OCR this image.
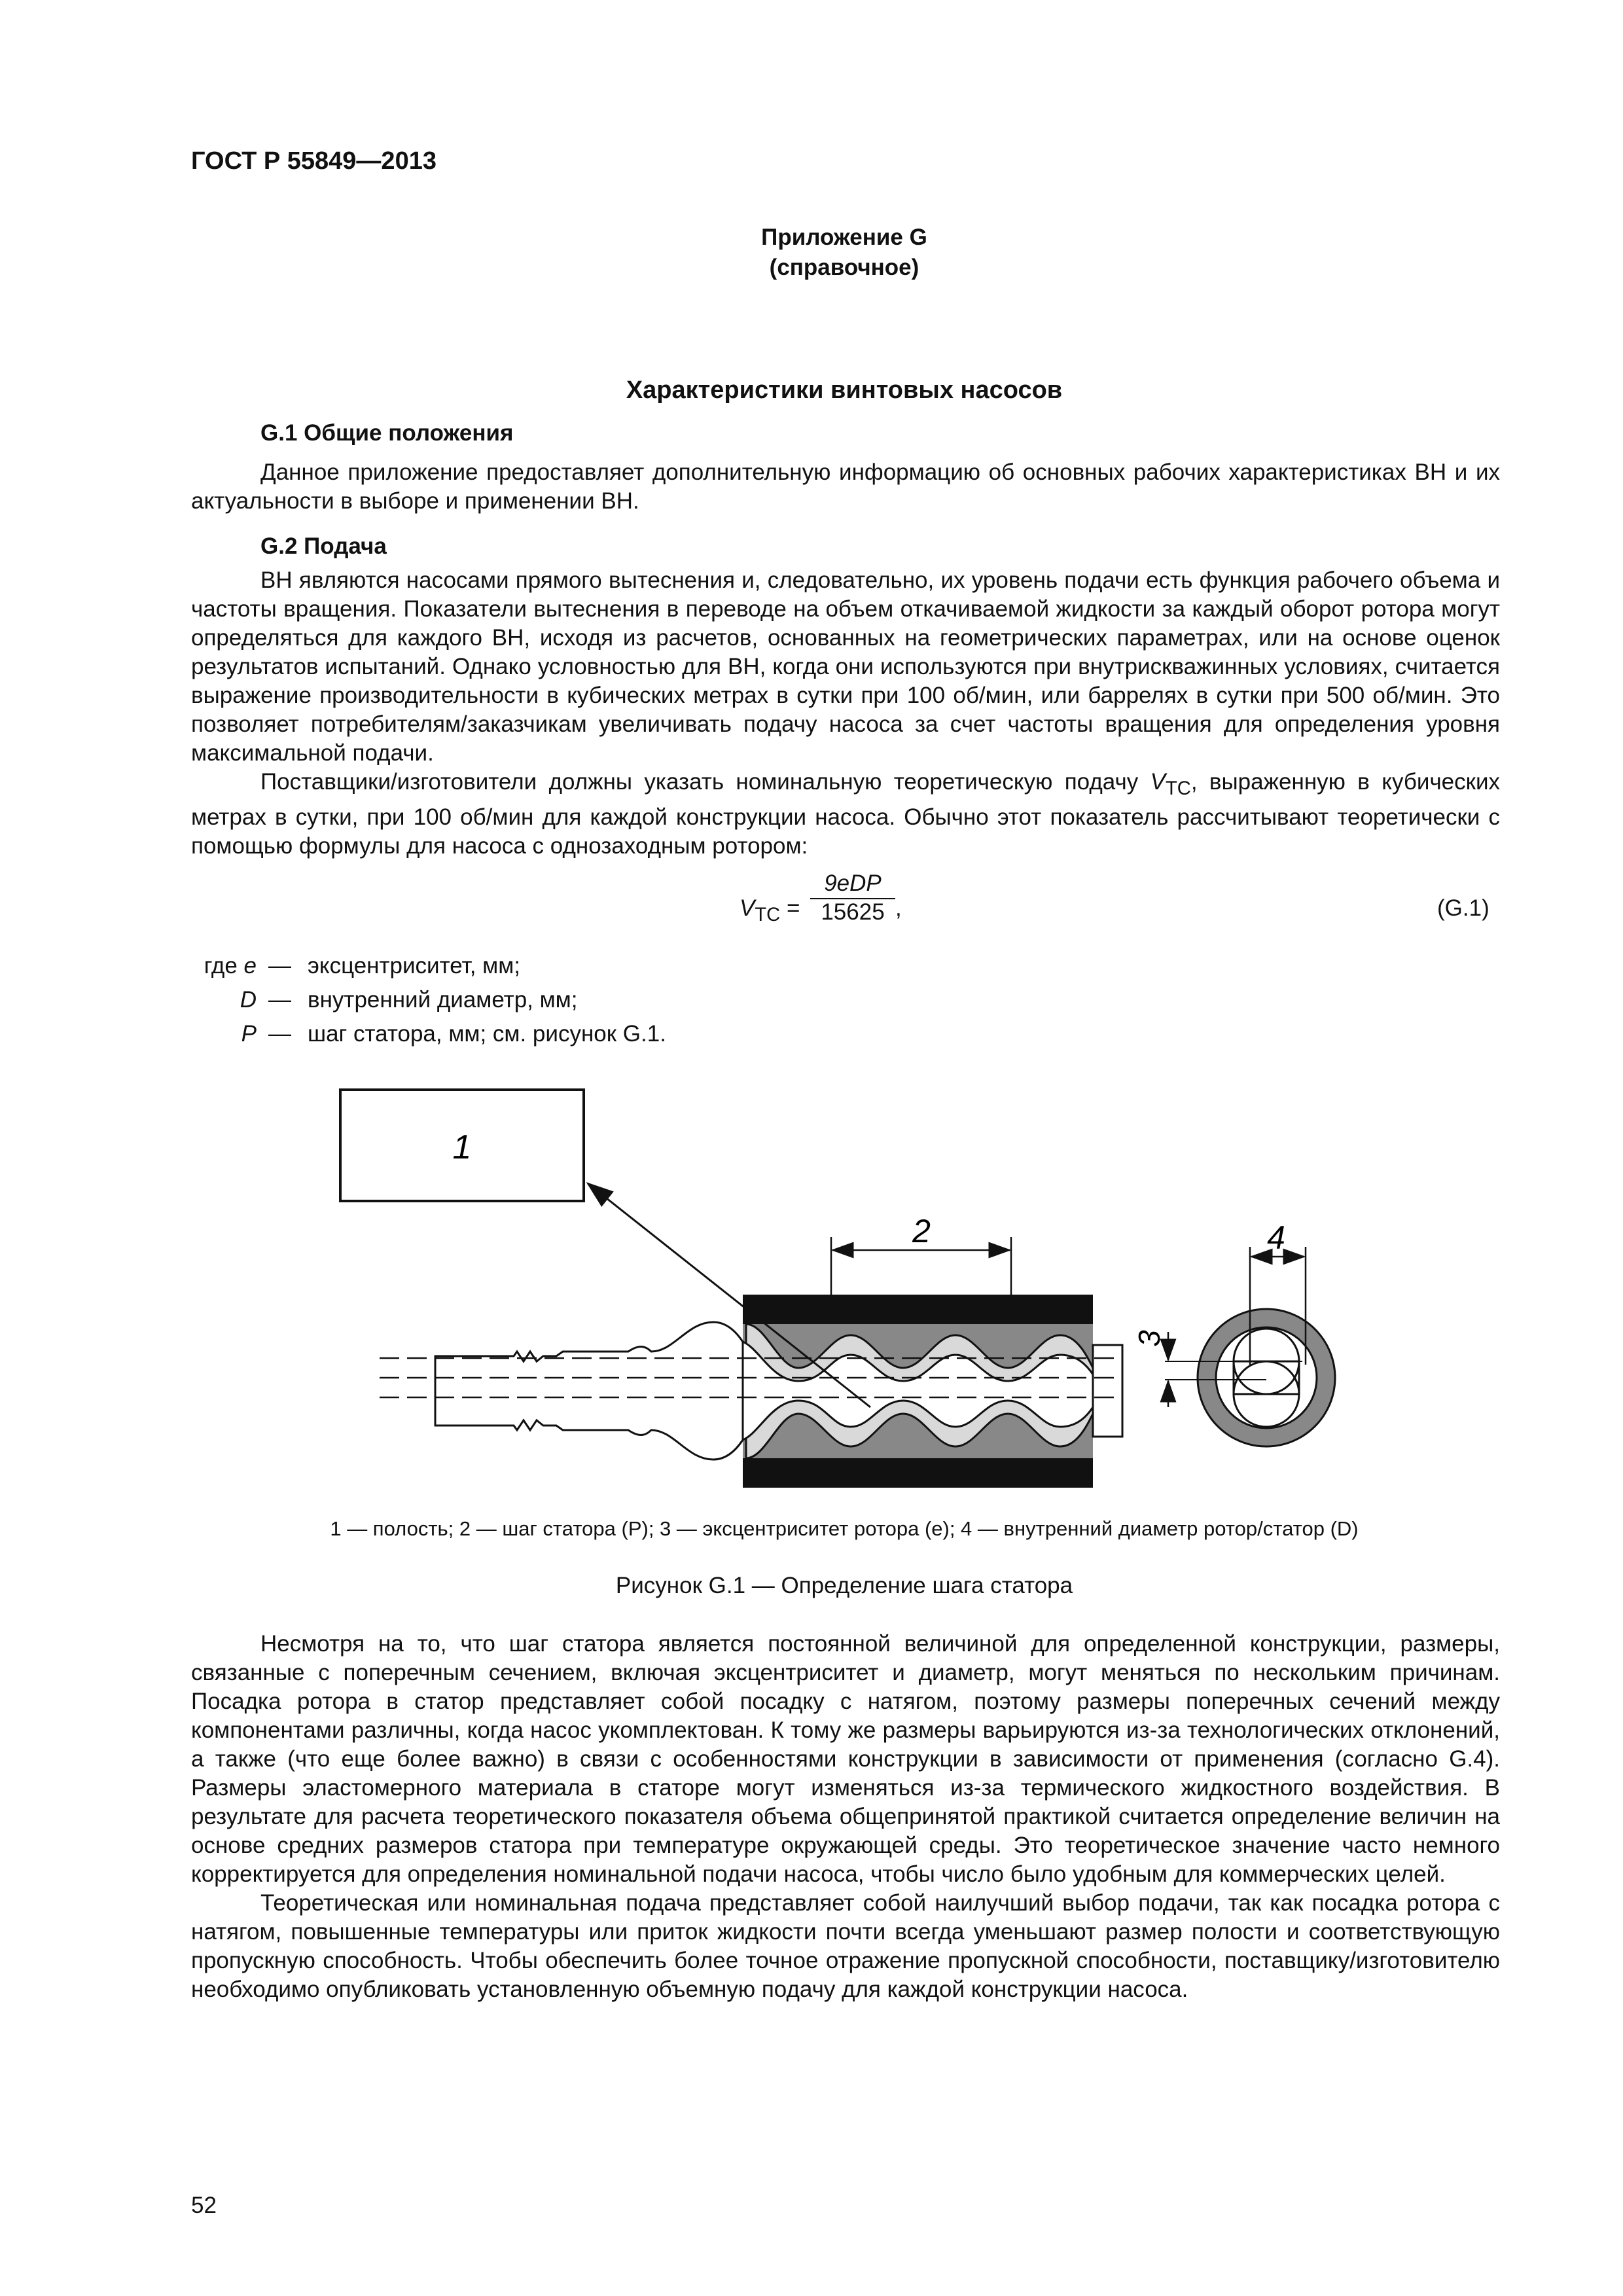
ГОСТ Р 55849—2013
Приложение G
(справочное)
Характеристики винтовых насосов
G.1 Общие положения

Данное приложение предоставляет дополнительную информацию об основных рабочих характеристиках ВН и их актуальности в выборе и применении ВН.

G.2 Подача

ВН являются насосами прямого вытеснения и, следовательно, их уровень подачи есть функция рабочего объема и частоты вращения. Показатели вытеснения в переводе на объем откачиваемой жидкости за каждый оборот ротора могут определяться для каждого ВН, исходя из расчетов, основанных на геометрических параметрах, или на основе оценок результатов испытаний. Однако условностью для ВН, когда они используются при внутрискважинных условиях, считается выражение производительности в кубических метрах в сутки при 100 об/мин, или баррелях в сутки при 500 об/мин. Это позволяет потребителям/заказчикам увеличивать подачу насоса за счет частоты вращения для определения уровня максимальной подачи.

Поставщики/изготовители должны указать номинальную теоретическую подачу $V_{TC}$, выраженную в кубических метрах в сутки, при 100 об/мин для каждой конструкции насоса. Обычно этот показатель рассчитывают теоретически с помощью формулы для насоса с однозаходным ротором:

$V_{TC}$ =
9eDP
15625 ,	(G.1)
где e — эксцентриситет, мм;
D — внутренний диаметр, мм;
P — шаг статора, мм; см. рисунок G.1.
1
2	4
3
1 — полость; 2 — шаг статора (P); 3 — эксцентриситет ротора (e); 4 — внутренний диаметр ротор/статор (D)
Рисунок G.1 — Определение шага статора

Несмотря на то, что шаг статора является постоянной величиной для определенной конструкции, размеры, связанные с поперечным сечением, включая эксцентриситет и диаметр, могут меняться по нескольким причинам. Посадка ротора в статор представляет собой посадку с натягом, поэтому размеры поперечных сечений между компонентами различны, когда насос укомплектован. К тому же размеры варьируются из-за технологических отклонений, а также (что еще более важно) в связи с особенностями конструкции в зависимости от применения (согласно G.4). Размеры эластомерного материала в статоре могут изменяться из-за термического жидкостного воздействия. В результате для расчета теоретического показателя объема общепринятой практикой считается определение величин на основе средних размеров статора при температуре окружающей среды. Это теоретическое значение часто немного корректируется для определения номинальной подачи насоса, чтобы число было удобным для коммерческих целей.

Теоретическая или номинальная подача представляет собой наилучший выбор подачи, так как посадка ротора с натягом, повышенные температуры или приток жидкости почти всегда уменьшают размер полости и соответствующую пропускную способность. Чтобы обеспечить более точное отражение пропускной способности, поставщику/изготовителю необходимо опубликовать установленную объемную подачу для каждой конструкции насоса.

52
